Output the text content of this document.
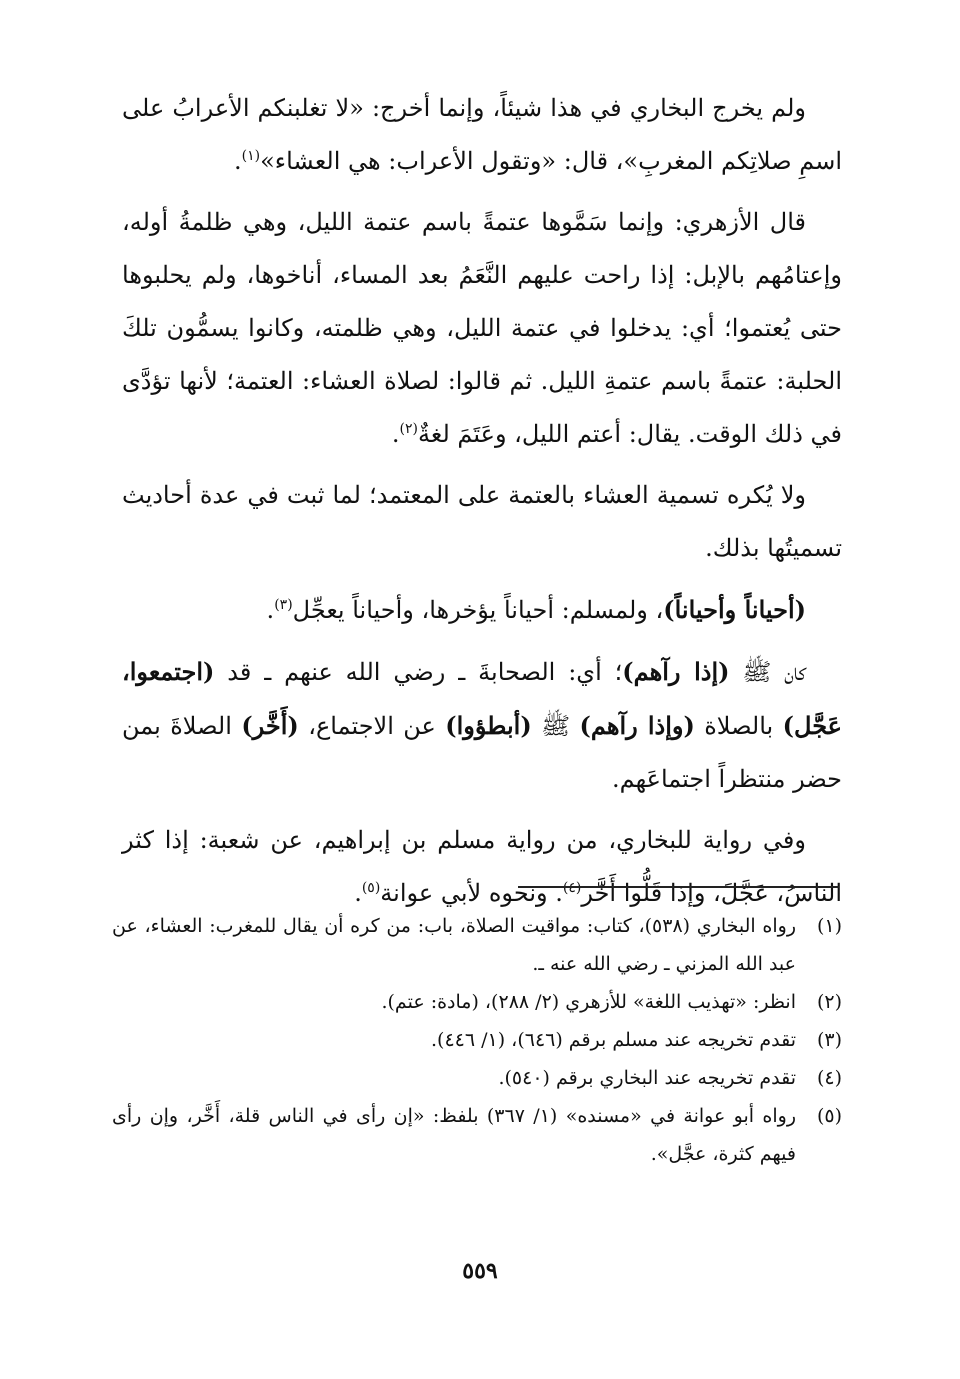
ولم يخرج البخاري في هذا شيئاً، وإنما أخرج: «لا تغلبنكم الأعرابُ على اسمِ صلاتِكم المغربِ»، قال: «وتقول الأعراب: هي العشاء»$^{(١)}$.

قال الأزهري: وإنما سَمَّوها عتمةً باسم عتمة الليل، وهي ظلمةُ أوله، وإعتامُهم بالإبل: إذا راحت عليهم النَّعَمُ بعد المساء، أناخوها، ولم يحلبوها حتى يُعتموا؛ أي: يدخلوا في عتمة الليل، وهي ظلمته، وكانوا يسمُّون تلكَ الحلبة: عتمةً باسم عتمةِ الليل. ثم قالوا: لصلاة العشاء: العتمة؛ لأنها تؤدَّى في ذلك الوقت. يقال: أعتم الليل، وعَتَمَ لغةٌ$^{(٢)}$.

ولا يُكره تسمية العشاء بالعتمة على المعتمد؛ لما ثبت في عدة أحاديث تسميتُها بذلك.

(أحياناً وأحياناً)، ولمسلم: أحياناً يؤخرها، وأحياناً يعجِّل$^{(٣)}$.

كان ﷺ (إذا رآهم)؛ أي: الصحابةَ ـ رضي الله عنهم ـ قد (اجتمعوا، عَجَّل) بالصلاة (وإذا رآهم) ﷺ (أبطؤوا) عن الاجتماع، (أَخَّر) الصلاةَ بمن حضر منتظراً اجتماعَهم.

وفي رواية للبخاري، من رواية مسلم بن إبراهيم، عن شعبة: إذا كثر الناسُ، عَجَّلَ، وإذا قَلُّوا أَخَّر$^{(٤)}$. ونحوه لأبي عوانة$^{(٥)}$.

(١)
رواه البخاري (٥٣٨)، كتاب: مواقيت الصلاة، باب: من كره أن يقال للمغرب: العشاء، عن عبد الله المزني ـ رضي الله عنه ـ.
(٢)
انظر: «تهذيب اللغة» للأزهري (٢/ ٢٨٨)، (مادة: عتم).
(٣)
تقدم تخريجه عند مسلم برقم (٦٤٦)، (١/ ٤٤٦).
(٤)
تقدم تخريجه عند البخاري برقم (٥٤٠).
(٥)
رواه أبو عوانة في «مسنده» (١/ ٣٦٧) بلفظ: «إن رأى في الناس قلة، أَخَّر، وإن رأى فيهم كثرة، عجَّل».
٥٥٩
